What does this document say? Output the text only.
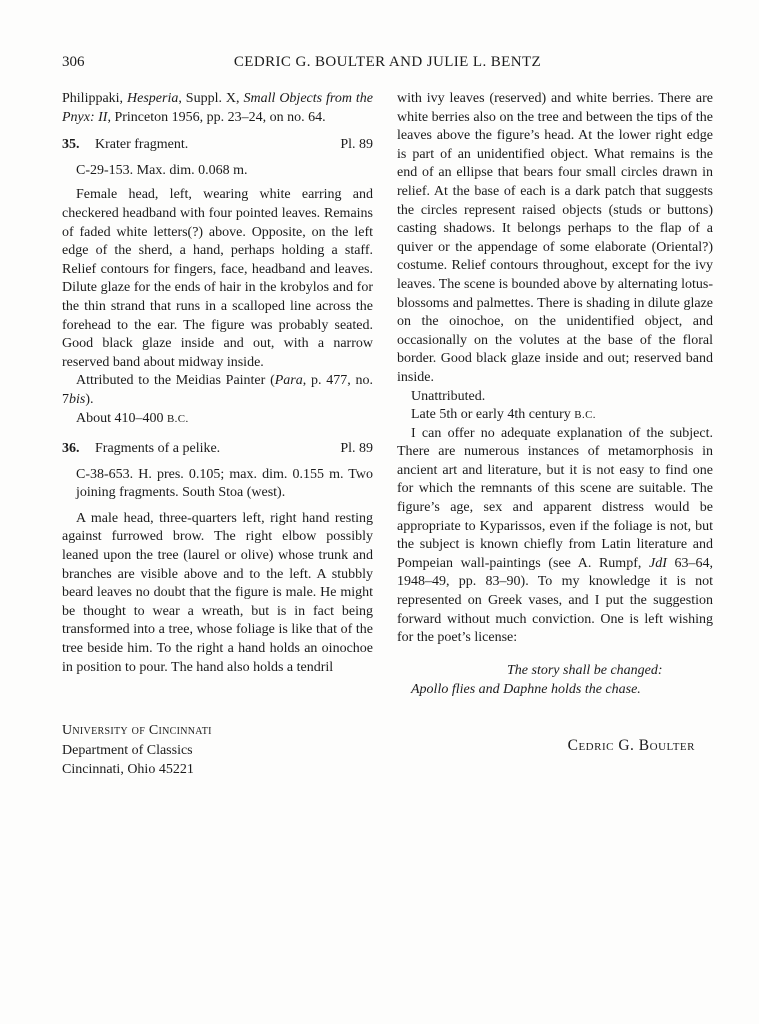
306	CEDRIC G. BOULTER AND JULIE L. BENTZ

Philippaki, Hesperia, Suppl. X, Small Objects from the Pnyx: II, Princeton 1956, pp. 23–24, on no. 64.

35.	Krater fragment.	Pl. 89

C-29-153. Max. dim. 0.068 m.

Female head, left, wearing white earring and checkered headband with four pointed leaves. Remains of faded white letters(?) above. Opposite, on the left edge of the sherd, a hand, perhaps holding a staff. Relief contours for fingers, face, headband and leaves. Dilute glaze for the ends of hair in the krobylos and for the thin strand that runs in a scalloped line across the forehead to the ear. The figure was probably seated. Good black glaze inside and out, with a narrow reserved band about midway inside.

Attributed to the Meidias Painter (Para, p. 477, no. 7bis).

About 410–400 B.C.

36.	Fragments of a pelike.	Pl. 89

C-38-653. H. pres. 0.105; max. dim. 0.155 m. Two joining fragments. South Stoa (west).

A male head, three-quarters left, right hand resting against furrowed brow. The right elbow possibly leaned upon the tree (laurel or olive) whose trunk and branches are visible above and to the left. A stubbly beard leaves no doubt that the figure is male. He might be thought to wear a wreath, but is in fact being transformed into a tree, whose foliage is like that of the tree beside him. To the right a hand holds an oinochoe in position to pour. The hand also holds a tendril

University of Cincinnati
Department of Classics
Cincinnati, Ohio 45221

with ivy leaves (reserved) and white berries. There are white berries also on the tree and between the tips of the leaves above the figure’s head. At the lower right edge is part of an unidentified object. What remains is the end of an ellipse that bears four small circles drawn in relief. At the base of each is a dark patch that suggests the circles represent raised objects (studs or buttons) casting shadows. It belongs perhaps to the flap of a quiver or the appendage of some elaborate (Oriental?) costume. Relief contours throughout, except for the ivy leaves. The scene is bounded above by alternating lotus-blossoms and palmettes. There is shading in dilute glaze on the oinochoe, on the unidentified object, and occasionally on the volutes at the base of the floral border. Good black glaze inside and out; reserved band inside.

Unattributed.

Late 5th or early 4th century B.C.

I can offer no adequate explanation of the subject. There are numerous instances of metamorphosis in ancient art and literature, but it is not easy to find one for which the remnants of this scene are suitable. The figure’s age, sex and apparent distress would be appropriate to Kyparissos, even if the foliage is not, but the subject is known chiefly from Latin literature and Pompeian wall-paintings (see A. Rumpf, JdI 63–64, 1948–49, pp. 83–90). To my knowledge it is not represented on Greek vases, and I put the suggestion forward without much conviction. One is left wishing for the poet’s license:

The story shall be changed:
Apollo flies and Daphne holds the chase.
Cedric G. Boulter
